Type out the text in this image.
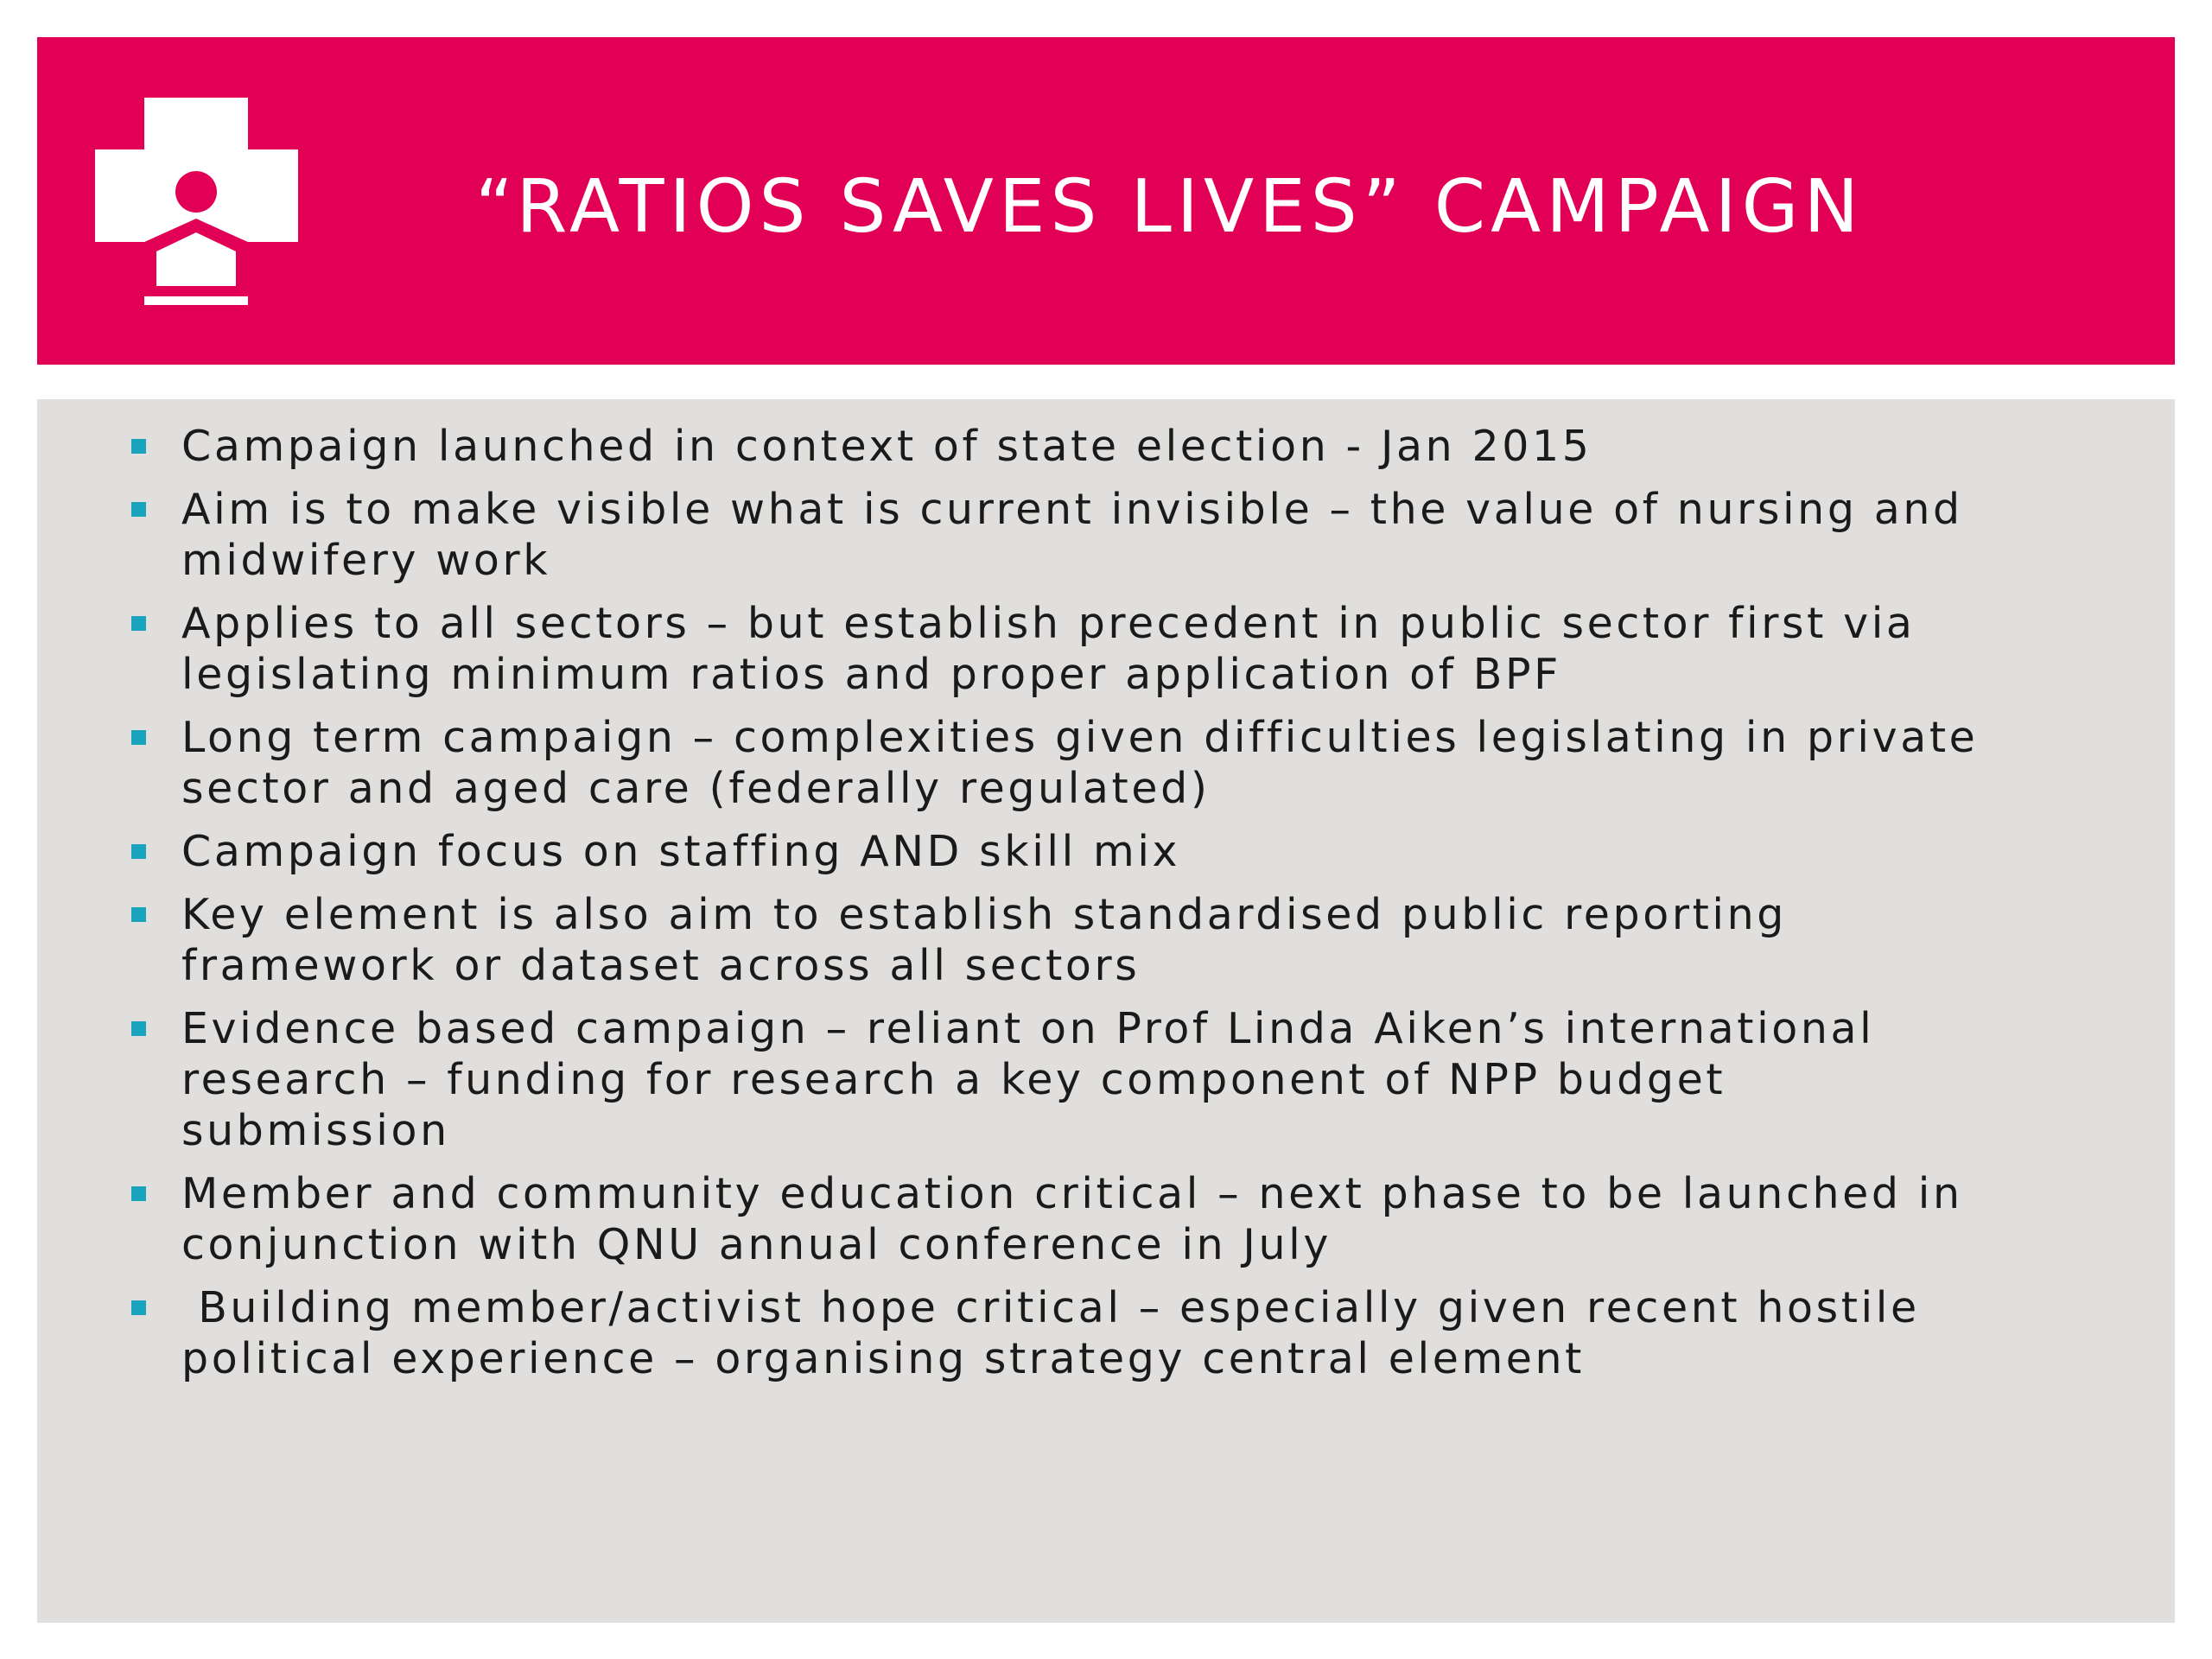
“RATIOS SAVES LIVES” CAMPAIGN
Campaign launched in context of state election - Jan 2015
Aim is to make visible what is current invisible – the value of nursing and
midwifery work
Applies to all sectors – but establish precedent in public sector first via
legislating minimum ratios and proper application of BPF
Long term campaign – complexities given difficulties legislating in private
sector and aged care (federally regulated)
Campaign focus on staffing AND skill mix
Key element is also aim to establish standardised public reporting
framework or dataset across all sectors
Evidence based campaign – reliant on Prof Linda Aiken’s international
research – funding for research a key component of NPP budget
submission
Member and community education critical – next phase to be launched in
conjunction with QNU annual conference in July
Building member/activist hope critical – especially given recent hostile
political experience – organising strategy central element
